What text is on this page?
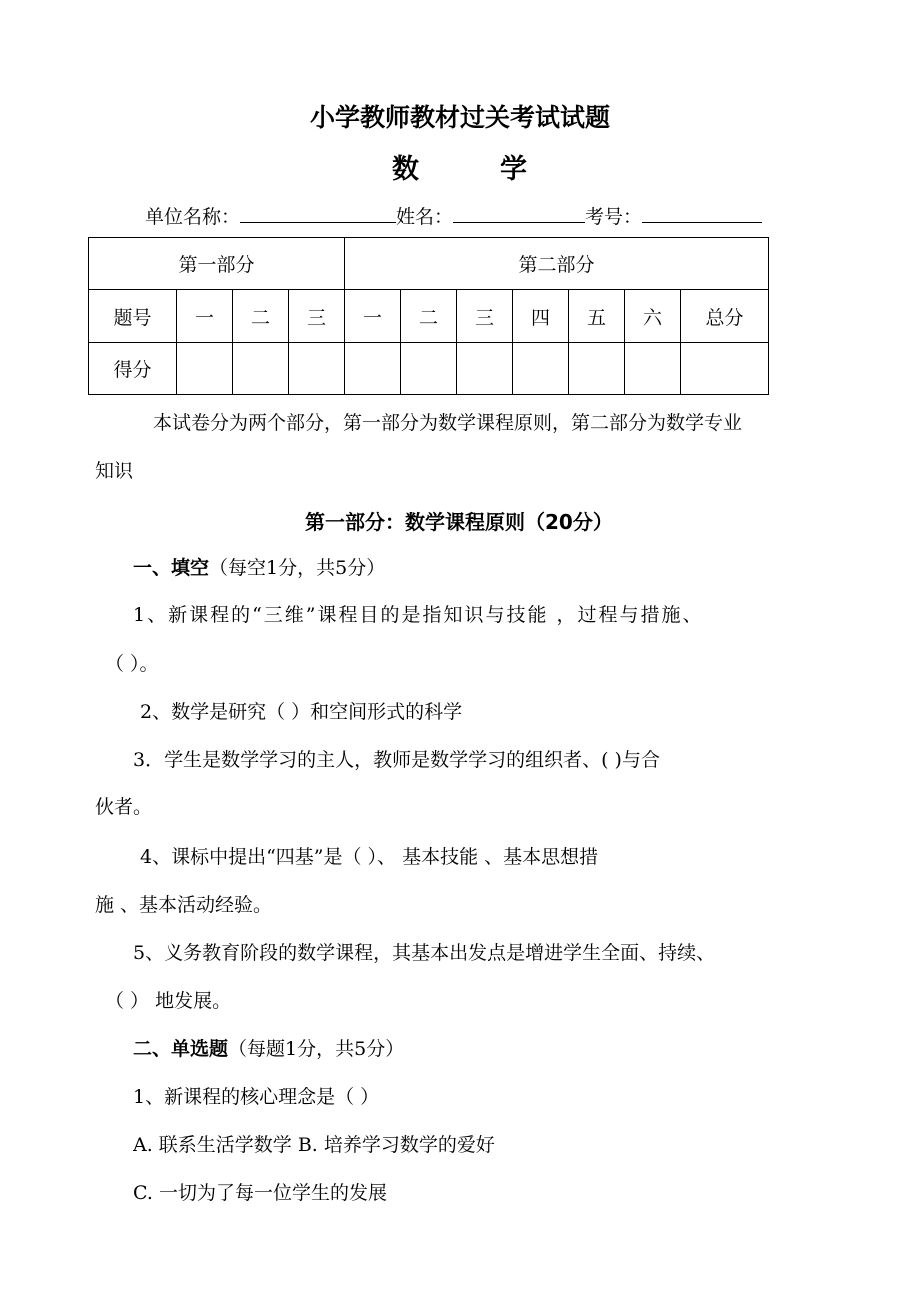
小学教师教材过关考试试题
数	学
单位名称：	姓名：	考号：
第一部分				第二部分						
题号	一	二	三	一	二	三	四	五	六	总分
得分										
本试卷分为两个部分，第一部分为数学课程原则，第二部分为数学专业
知识
第一部分：数学课程原则（20分）
一、填空（每空1分，共5分）
1、新课程的“三维”课程目的是指知识与技能 ，过程与措施、
（ ）。
2、数学是研究（ ）和空间形式的科学
3．学生是数学学习的主人，教师是数学学习的组织者、( )与合
伙者。
4、课标中提出“四基”是（ ）、 基本技能 、基本思想措
施 、基本活动经验。
5、义务教育阶段的数学课程，其基本出发点是增进学生全面、持续、
（ ） 地发展。
二、单选题（每题1分，共5分）
1、新课程的核心理念是（ ）
A. 联系生活学数学 B. 培养学习数学的爱好
C. 一切为了每一位学生的发展
